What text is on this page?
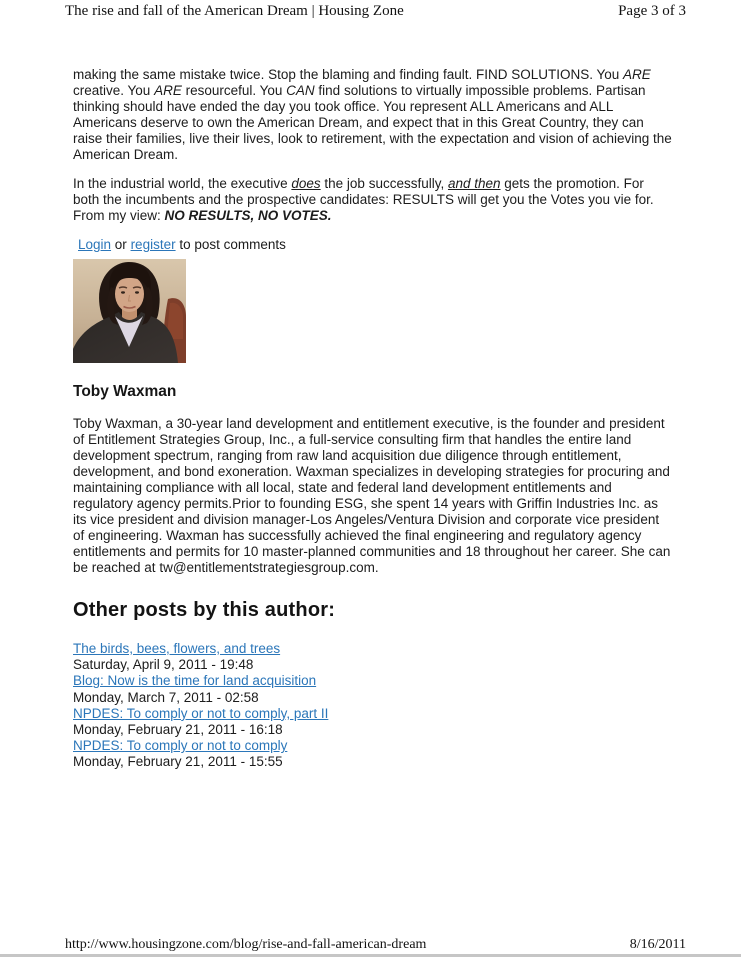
The rise and fall of the American Dream | Housing Zone	Page 3 of 3

making the same mistake twice. Stop the blaming and finding fault. FIND SOLUTIONS. You ARE creative. You ARE resourceful. You CAN find solutions to virtually impossible problems. Partisan thinking should have ended the day you took office. You represent ALL Americans and ALL Americans deserve to own the American Dream, and expect that in this Great Country, they can raise their families, live their lives, look to retirement, with the expectation and vision of achieving the American Dream.

In the industrial world, the executive does the job successfully, and then gets the promotion. For both the incumbents and the prospective candidates: RESULTS will get you the Votes you vie for. From my view: NO RESULTS, NO VOTES.

Login or register to post comments

Toby Waxman

Toby Waxman, a 30-year land development and entitlement executive, is the founder and president of Entitlement Strategies Group, Inc., a full-service consulting firm that handles the entire land development spectrum, ranging from raw land acquisition due diligence through entitlement, development, and bond exoneration. Waxman specializes in developing strategies for procuring and maintaining compliance with all local, state and federal land development entitlements and regulatory agency permits.Prior to founding ESG, she spent 14 years with Griffin Industries Inc. as its vice president and division manager-Los Angeles/Ventura Division and corporate vice president of engineering. Waxman has successfully achieved the final engineering and regulatory agency entitlements and permits for 10 master-planned communities and 18 throughout her career. She can be reached at tw@entitlementstrategiesgroup.com.

Other posts by this author:
The birds, bees, flowers, and trees
Saturday, April 9, 2011 - 19:48
Blog: Now is the time for land acquisition
Monday, March 7, 2011 - 02:58
NPDES: To comply or not to comply, part II
Monday, February 21, 2011 - 16:18
NPDES: To comply or not to comply
Monday, February 21, 2011 - 15:55
http://www.housingzone.com/blog/rise-and-fall-american-dream	8/16/2011
